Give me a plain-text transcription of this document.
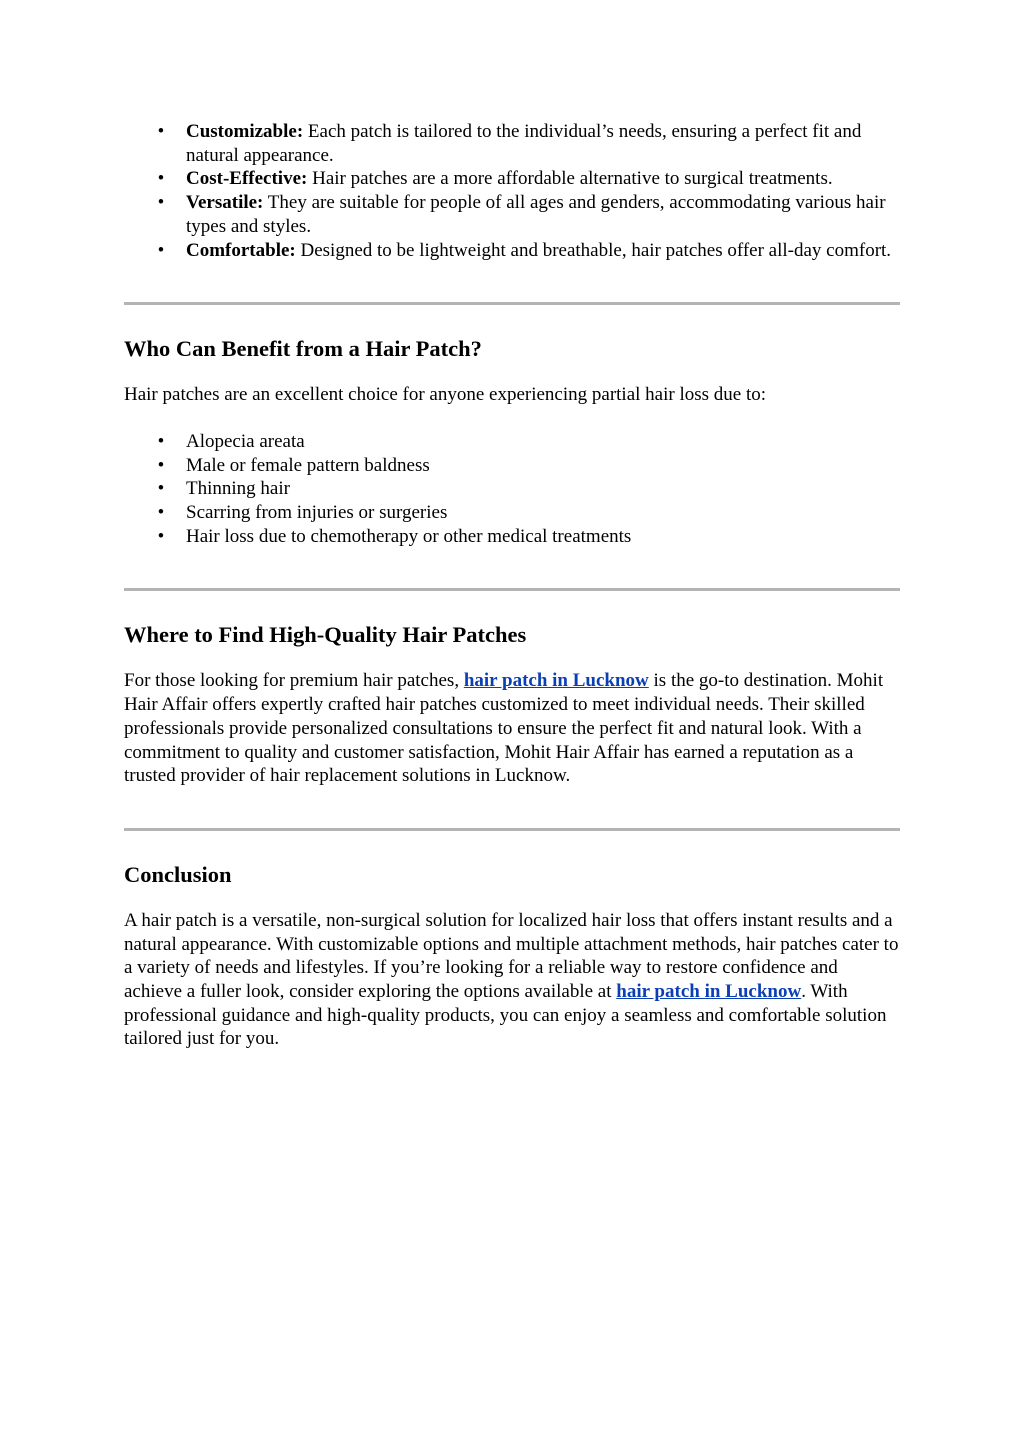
• Customizable: Each patch is tailored to the individual’s needs, ensuring a perfect fit and natural appearance.
• Cost-Effective: Hair patches are a more affordable alternative to surgical treatments.
• Versatile: They are suitable for people of all ages and genders, accommodating various hair types and styles.
• Comfortable: Designed to be lightweight and breathable, hair patches offer all-day comfort.
Who Can Benefit from a Hair Patch?

Hair patches are an excellent choice for anyone experiencing partial hair loss due to:

• Alopecia areata
• Male or female pattern baldness
• Thinning hair
• Scarring from injuries or surgeries
• Hair loss due to chemotherapy or other medical treatments
Where to Find High-Quality Hair Patches

For those looking for premium hair patches, hair patch in Lucknow is the go-to destination. Mohit Hair Affair offers expertly crafted hair patches customized to meet individual needs. Their skilled professionals provide personalized consultations to ensure the perfect fit and natural look. With a commitment to quality and customer satisfaction, Mohit Hair Affair has earned a reputation as a trusted provider of hair replacement solutions in Lucknow.

Conclusion

A hair patch is a versatile, non-surgical solution for localized hair loss that offers instant results and a natural appearance. With customizable options and multiple attachment methods, hair patches cater to a variety of needs and lifestyles. If you’re looking for a reliable way to restore confidence and achieve a fuller look, consider exploring the options available at hair patch in Lucknow. With professional guidance and high-quality products, you can enjoy a seamless and comfortable solution tailored just for you.
